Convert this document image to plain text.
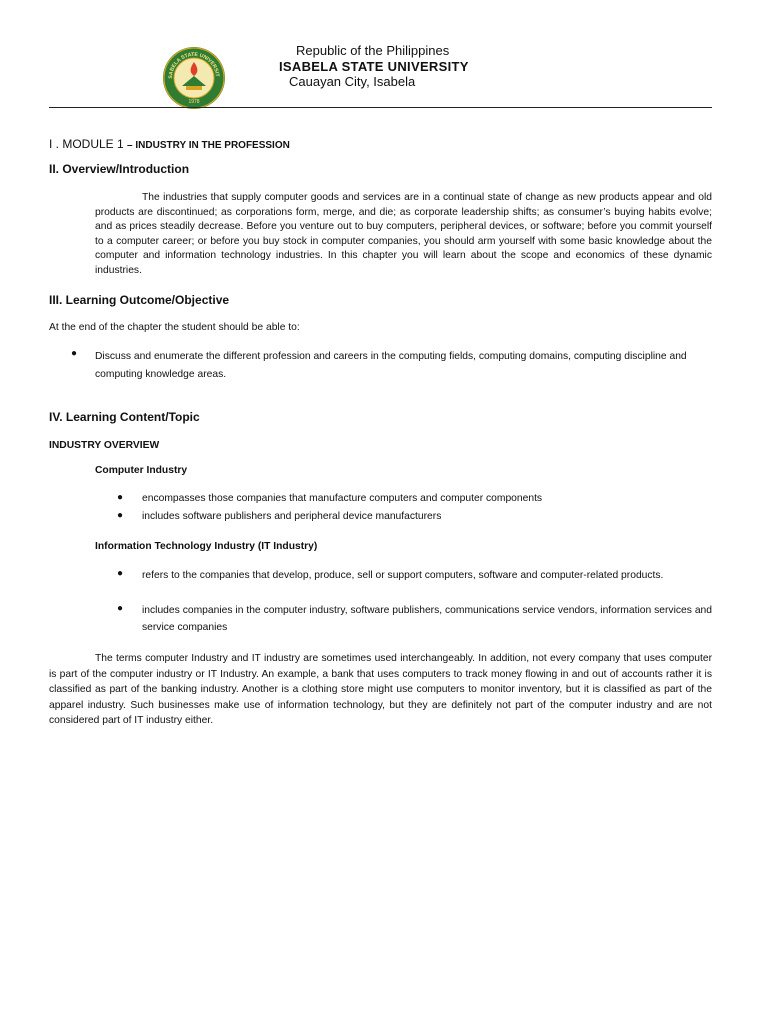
SABELA STATE UNIVERSIT
1978
Republic of the Philippines
ISABELA STATE UNIVERSITY
Cauayan City, Isabela
I . MODULE 1 – INDUSTRY IN THE PROFESSION
II. Overview/Introduction
The industries that supply computer goods and services are in a continual state of change as new products appear and old products are discontinued; as corporations form, merge, and die; as corporate leadership shifts; as consumer’s buying habits evolve; and as prices steadily decrease. Before you venture out to buy computers, peripheral devices, or software; before you commit yourself to a computer career; or before you buy stock in computer companies, you should arm yourself with some basic knowledge about the computer and information technology industries. In this chapter you will learn about the scope and economics of these dynamic industries.
III. Learning Outcome/Objective
At the end of the chapter the student should be able to:
● Discuss and enumerate the different profession and careers in the computing fields, computing domains, computing discipline and computing knowledge areas.
IV. Learning Content/Topic
INDUSTRY OVERVIEW
Computer Industry
● encompasses those companies that manufacture computers and computer components
● includes software publishers and peripheral device manufacturers
Information Technology Industry (IT Industry)
● refers to the companies that develop, produce, sell or support computers, software and computer-related products.
● includes companies in the computer industry, software publishers, communications service vendors, information services and service companies
The terms computer Industry and IT industry are sometimes used interchangeably. In addition, not every company that uses computer is part of the computer industry or IT Industry. An example, a bank that uses computers to track money flowing in and out of accounts rather it is classified as part of the banking industry. Another is a clothing store might use computers to monitor inventory, but it is classified as part of the apparel industry. Such businesses make use of information technology, but they are definitely not part of the computer industry and are not considered part of IT industry either.
